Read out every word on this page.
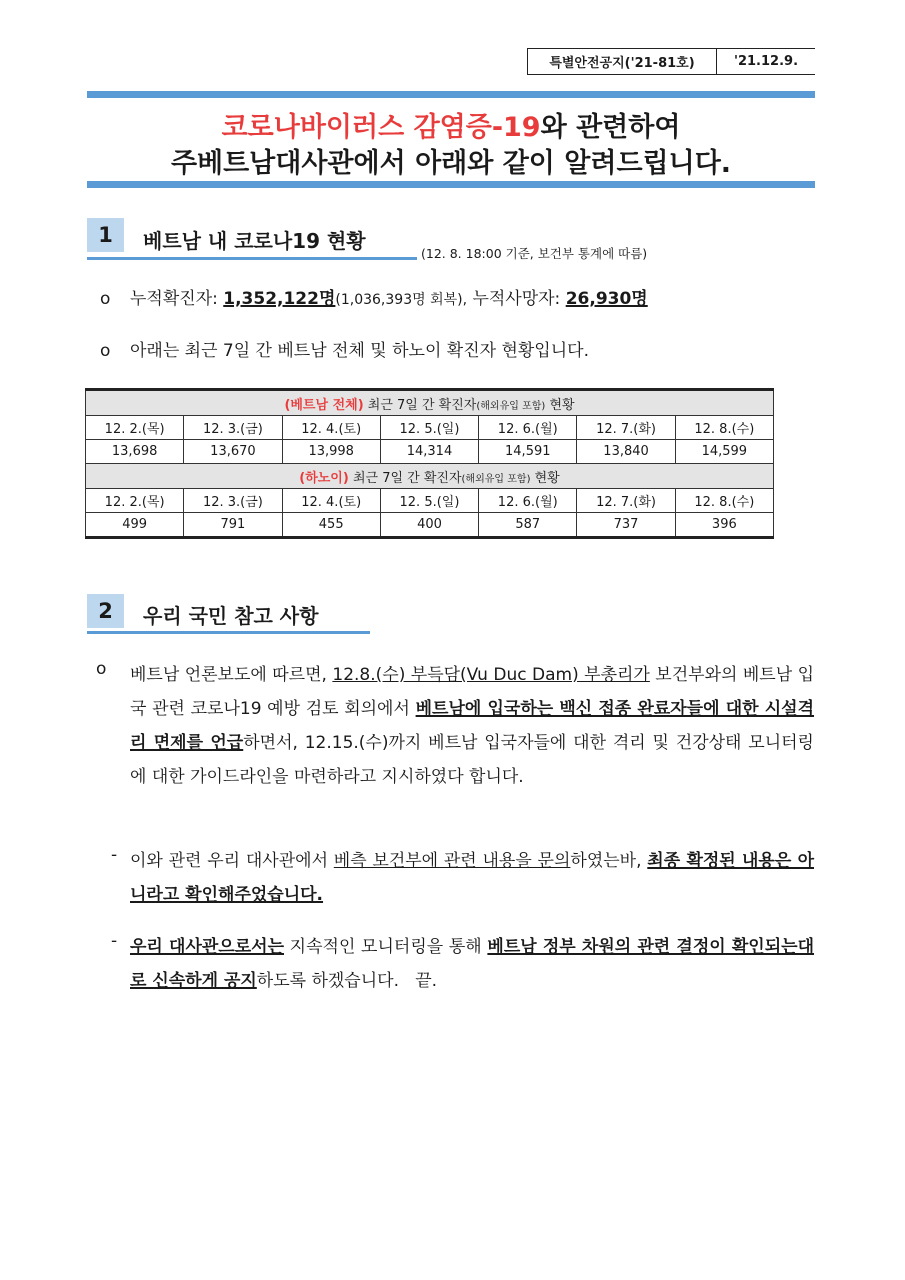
특별안전공지('21-81호)	'21.12.9.
코로나바이러스 감염증-19와 관련하여
주베트남대사관에서 아래와 같이 알려드립니다.
1	베트남 내 코로나19 현황
(12. 8. 18:00 기준, 보건부 통계에 따름)
o 누적확진자: 1,352,122명(1,036,393명 회복), 누적사망자: 26,930명
o 아래는 최근 7일 간 베트남 전체 및 하노이 확진자 현황입니다.
(베트남 전체) 최근 7일 간 확진자(해외유입 포함) 현황						
12. 2.(목)	12. 3.(금)	12. 4.(토)	12. 5.(일)	12. 6.(월)	12. 7.(화)	12. 8.(수)
13,698	13,670	13,998	14,314	14,591	13,840	14,599
(하노이) 최근 7일 간 확진자(해외유입 포함) 현황						
12. 2.(목)	12. 3.(금)	12. 4.(토)	12. 5.(일)	12. 6.(월)	12. 7.(화)	12. 8.(수)
499	791	455	400	587	737	396
2	우리 국민 참고 사항
o 베트남 언론보도에 따르면, 12.8.(수) 부득담(Vu Duc Dam) 부총리가 보건부와의 베트남 입국 관련 코로나19 예방 검토 회의에서 베트남에 입국하는 백신 접종 완료자들에 대한 시설격리 면제를 언급하면서, 12.15.(수)까지 베트남 입국자들에 대한 격리 및 건강상태 모니터링에 대한 가이드라인을 마련하라고 지시하였다 합니다.
- 이와 관련 우리 대사관에서 베측 보건부에 관련 내용을 문의하였는바, 최종 확정된 내용은 아니라고 확인해주었습니다.
- 우리 대사관으로서는 지속적인 모니터링을 통해 베트남 정부 차원의 관련 결정이 확인되는대로 신속하게 공지하도록 하겠습니다. 끝.
